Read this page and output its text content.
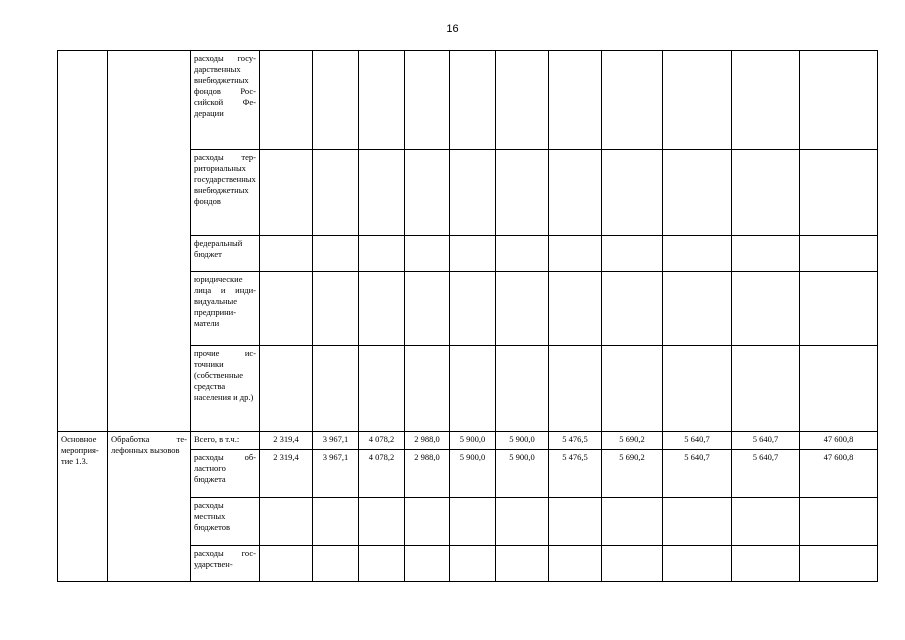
16
		расходы государственных внебюджетных фондов Российской Федерации												
		расходы территориальных государственных внебюджетных фондов												
		федеральный бюджет												
		юридические лица и индивидуальные предприниматели												
		прочие источники (собственные средства населения и др.)												
Основное мероприятие 1.3.	Обработка телефонных вызовов	Всего, в т.ч.:	2 319,4	3 967,1	4 078,2	2 988,0	5 900,0	5 900,0	5 476,5	5 690,2	5 640,7	5 640,7	47 600,8	
		расходы областного бюджета	2 319,4	3 967,1	4 078,2	2 988,0	5 900,0	5 900,0	5 476,5	5 690,2	5 640,7	5 640,7	47 600,8	
		расходы местных бюджетов												
		расходы государствен-												
